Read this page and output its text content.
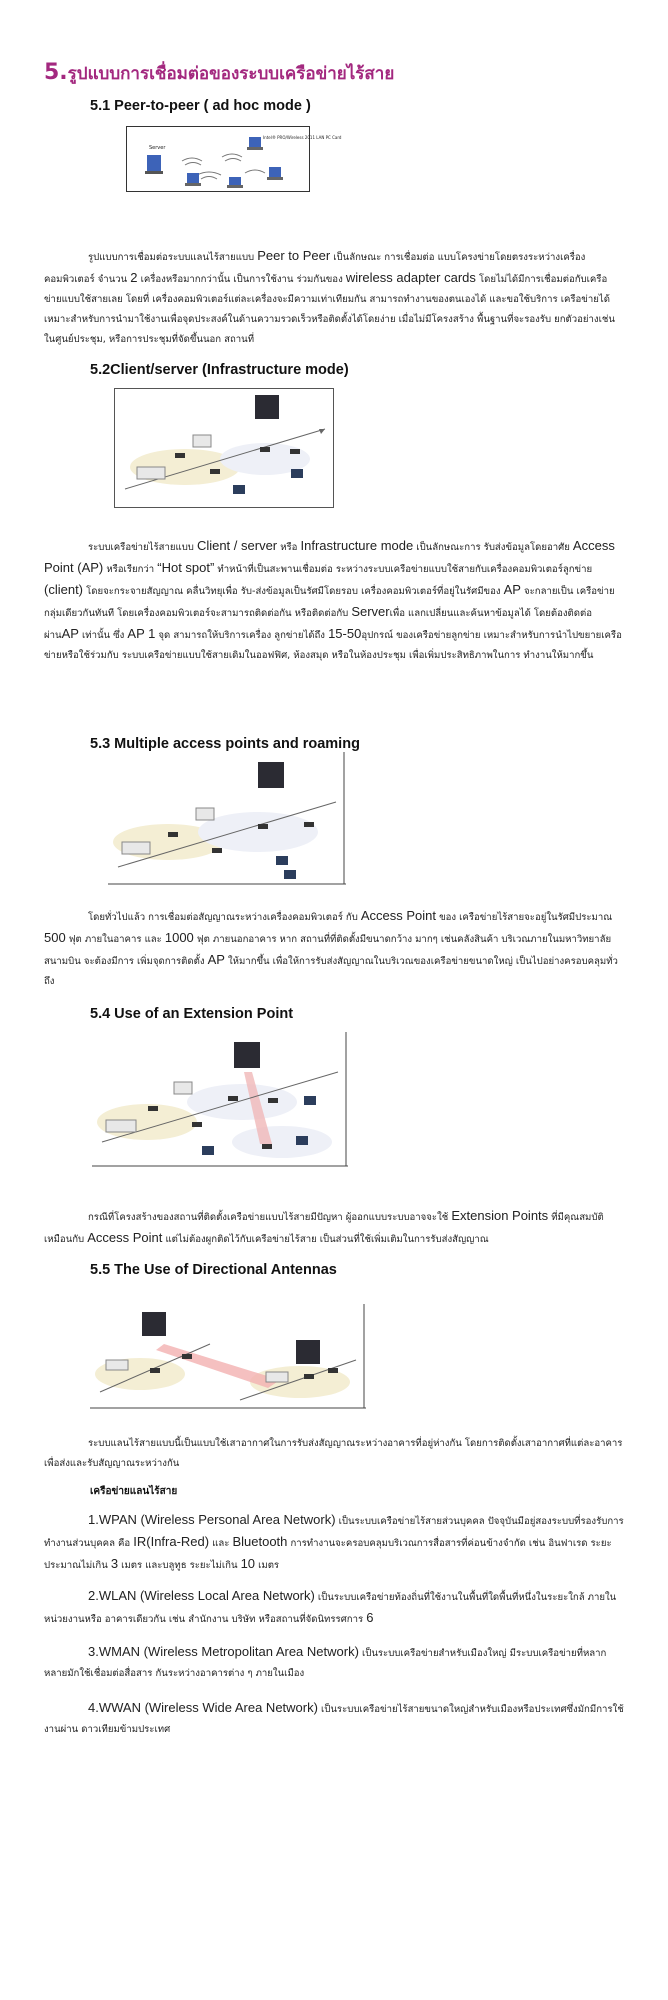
5.รูปแบบการเชื่อมต่อของระบบเครือข่ายไร้สาย
5.1 Peer-to-peer ( ad hoc mode )
Server
Intel® PRO/Wireless 2011 LAN PC Card
รูปแบบการเชื่อมต่อระบบแลนไร้สายแบบ Peer to Peer เป็นลักษณะ การเชื่อมต่อ แบบโครงข่ายโดยตรงระหว่างเครื่องคอมพิวเตอร์ จำนวน 2 เครื่องหรือมากกว่านั้น เป็นการใช้งาน ร่วมกันของ wireless adapter cards โดยไม่ได้มีการเชื่อมต่อกับเครือข่ายแบบใช้สายเลย โดยที่ เครื่องคอมพิวเตอร์แต่ละเครื่องจะมีความเท่าเทียมกัน สามารถทำงานของตนเองได้ และขอใช้บริการ เครือข่ายได้ เหมาะสำหรับการนำมาใช้งานเพื่อจุดประสงค์ในด้านความรวดเร็วหรือติดตั้งได้โดยง่าย เมื่อไม่มีโครงสร้าง พื้นฐานที่จะรองรับ ยกตัวอย่างเช่น ในศูนย์ประชุม, หรือการประชุมที่จัดขึ้นนอก สถานที่
5.2Client/server (Infrastructure mode)
ระบบเครือข่ายไร้สายแบบ Client / server หรือ Infrastructure mode เป็นลักษณะการ รับส่งข้อมูลโดยอาศัย Access Point (AP) หรือเรียกว่า “Hot spot” ทำหน้าที่เป็นสะพานเชื่อมต่อ ระหว่างระบบเครือข่ายแบบใช้สายกับเครื่องคอมพิวเตอร์ลูกข่าย (client) โดยจะกระจายสัญญาณ คลื่นวิทยุเพื่อ รับ-ส่งข้อมูลเป็นรัศมีโดยรอบ เครื่องคอมพิวเตอร์ที่อยู่ในรัศมีของ AP จะกลายเป็น เครือข่ายกลุ่มเดียวกันทันที โดยเครื่องคอมพิวเตอร์จะสามารถติดต่อกัน หรือติดต่อกับ Serverเพื่อ แลกเปลี่ยนและค้นหาข้อมูลได้ โดยต้องติดต่อผ่านAP เท่านั้น ซึ่ง AP 1 จุด สามารถให้บริการเครื่อง ลูกข่ายได้ถึง 15-50อุปกรณ์ ของเครือข่ายลูกข่าย เหมาะสำหรับการนำไปขยายเครือข่ายหรือใช้ร่วมกับ ระบบเครือข่ายแบบใช้สายเดิมในออฟฟิศ, ห้องสมุด หรือในห้องประชุม เพื่อเพิ่มประสิทธิภาพในการ ทำงานให้มากขึ้น
5.3 Multiple access points and roaming
โดยทั่วไปแล้ว การเชื่อมต่อสัญญาณระหว่างเครื่องคอมพิวเตอร์ กับ Access Point ของ เครือข่ายไร้สายจะอยู่ในรัศมีประมาณ 500 ฟุต ภายในอาคาร และ 1000 ฟุต ภายนอกอาคาร หาก สถานที่ที่ติดตั้งมีขนาดกว้าง มากๆ เช่นคลังสินค้า บริเวณภายในมหาวิทยาลัย สนามบิน จะต้องมีการ เพิ่มจุดการติดตั้ง AP ให้มากขึ้น เพื่อให้การรับส่งสัญญาณในบริเวณของเครือข่ายขนาดใหญ่ เป็นไปอย่างครอบคลุมทั่วถึง
5.4 Use of an Extension Point
กรณีที่โครงสร้างของสถานที่ติดตั้งเครือข่ายแบบไร้สายมีปัญหา ผู้ออกแบบระบบอาจจะใช้ Extension Points ที่มีคุณสมบัติเหมือนกับ Access Point แต่ไม่ต้องผูกติดไว้กับเครือข่ายไร้สาย เป็นส่วนที่ใช้เพิ่มเติมในการรับส่งสัญญาณ
5.5 The Use of Directional Antennas
ระบบแลนไร้สายแบบนี้เป็นแบบใช้เสาอากาศในการรับส่งสัญญาณระหว่างอาคารที่อยู่ห่างกัน โดยการติดตั้งเสาอากาศที่แต่ละอาคาร เพื่อส่งและรับสัญญาณระหว่างกัน
เครือข่ายแลนไร้สาย
1.WPAN (Wireless Personal Area Network) เป็นระบบเครือข่ายไร้สายส่วนบุคคล ปัจจุบันมีอยู่สองระบบที่รองรับการทำงานส่วนบุคคล คือ IR(Infra-Red) และ Bluetooth การทำงานจะครอบคลุมบริเวณการสื่อสารที่ค่อนข้างจำกัด เช่น อินฟาเรด ระยะประมาณไม่เกิน 3 เมตร และบลูทูธ ระยะไม่เกิน 10 เมตร
2.WLAN (Wireless Local Area Network) เป็นระบบเครือข่ายท้องถิ่นที่ใช้งานในพื้นที่ใดพื้นที่หนึ่งในระยะใกล้ ภายในหน่วยงานหรือ อาคารเดียวกัน เช่น สำนักงาน บริษัท หรือสถานที่จัดนิทรรศการ 6
3.WMAN (Wireless Metropolitan Area Network) เป็นระบบเครือข่ายสำหรับเมืองใหญ่ มีระบบเครือข่ายที่หลากหลายมักใช้เชื่อมต่อสื่อสาร กันระหว่างอาคารต่าง ๆ ภายในเมือง
4.WWAN (Wireless Wide Area Network) เป็นระบบเครือข่ายไร้สายขนาดใหญ่สำหรับเมืองหรือประเทศซึ่งมักมีการใช้งานผ่าน ดาวเทียมข้ามประเทศ
